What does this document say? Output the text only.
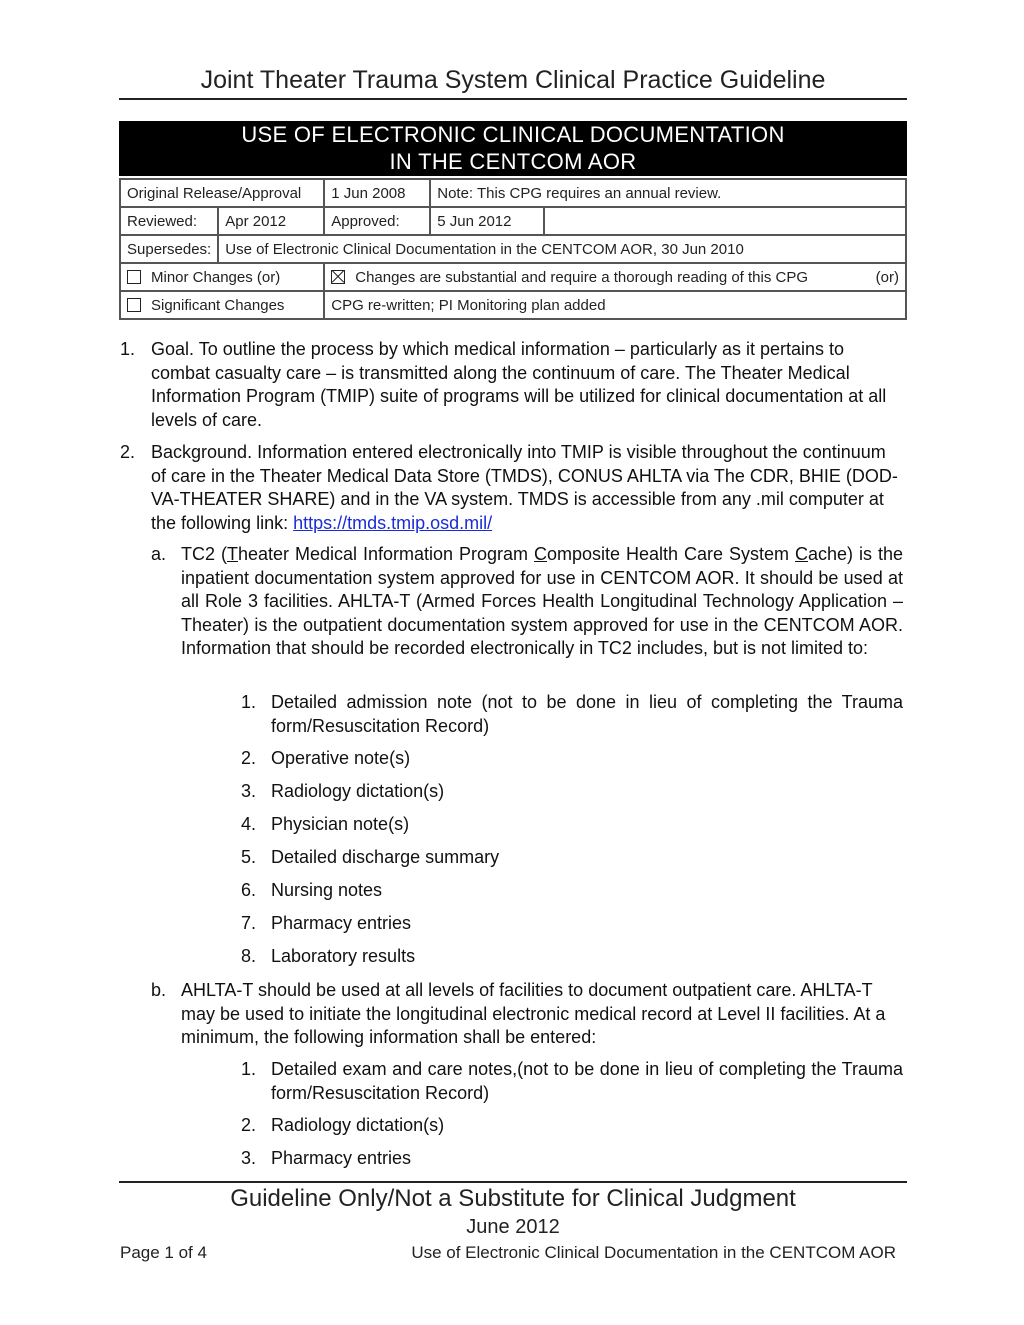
Joint Theater Trauma System Clinical Practice Guideline
USE OF ELECTRONIC CLINICAL DOCUMENTATION
IN THE CENTCOM AOR
Original Release/Approval		1 Jun 2008	Note: This CPG requires an annual review.		
Reviewed:	Apr 2012	Approved:	5 Jun 2012		
Supersedes:	Use of Electronic Clinical Documentation in the CENTCOM AOR, 30 Jun 2010				
Minor Changes (or)		Changes are substantial and require a thorough reading of this CPG			(or)
Significant Changes		CPG re-written; PI Monitoring plan added			
1. Goal. To outline the process by which medical information – particularly as it pertains to combat casualty care – is transmitted along the continuum of care. The Theater Medical Information Program (TMIP) suite of programs will be utilized for clinical documentation at all levels of care.
2. Background. Information entered electronically into TMIP is visible throughout the continuum of care in the Theater Medical Data Store (TMDS), CONUS AHLTA via The CDR, BHIE (DOD-VA-THEATER SHARE) and in the VA system. TMDS is accessible from any .mil computer at the following link: https://tmds.tmip.osd.mil/
a. TC2 (Theater Medical Information Program Composite Health Care System Cache) is the inpatient documentation system approved for use in CENTCOM AOR. It should be used at all Role 3 facilities. AHLTA-T (Armed Forces Health Longitudinal Technology Application – Theater) is the outpatient documentation system approved for use in the CENTCOM AOR. Information that should be recorded electronically in TC2 includes, but is not limited to:
1. Detailed admission note (not to be done in lieu of completing the Trauma form/Resuscitation Record)
2. Operative note(s)
3. Radiology dictation(s)
4. Physician note(s)
5. Detailed discharge summary
6. Nursing notes
7. Pharmacy entries
8. Laboratory results
b. AHLTA-T should be used at all levels of facilities to document outpatient care. AHLTA-T may be used to initiate the longitudinal electronic medical record at Level II facilities. At a minimum, the following information shall be entered:
1. Detailed exam and care notes,(not to be done in lieu of completing the Trauma form/Resuscitation Record)
2. Radiology dictation(s)
3. Pharmacy entries
Guideline Only/Not a Substitute for Clinical Judgment
June 2012
Page 1 of 4	Use of Electronic Clinical Documentation in the CENTCOM AOR
